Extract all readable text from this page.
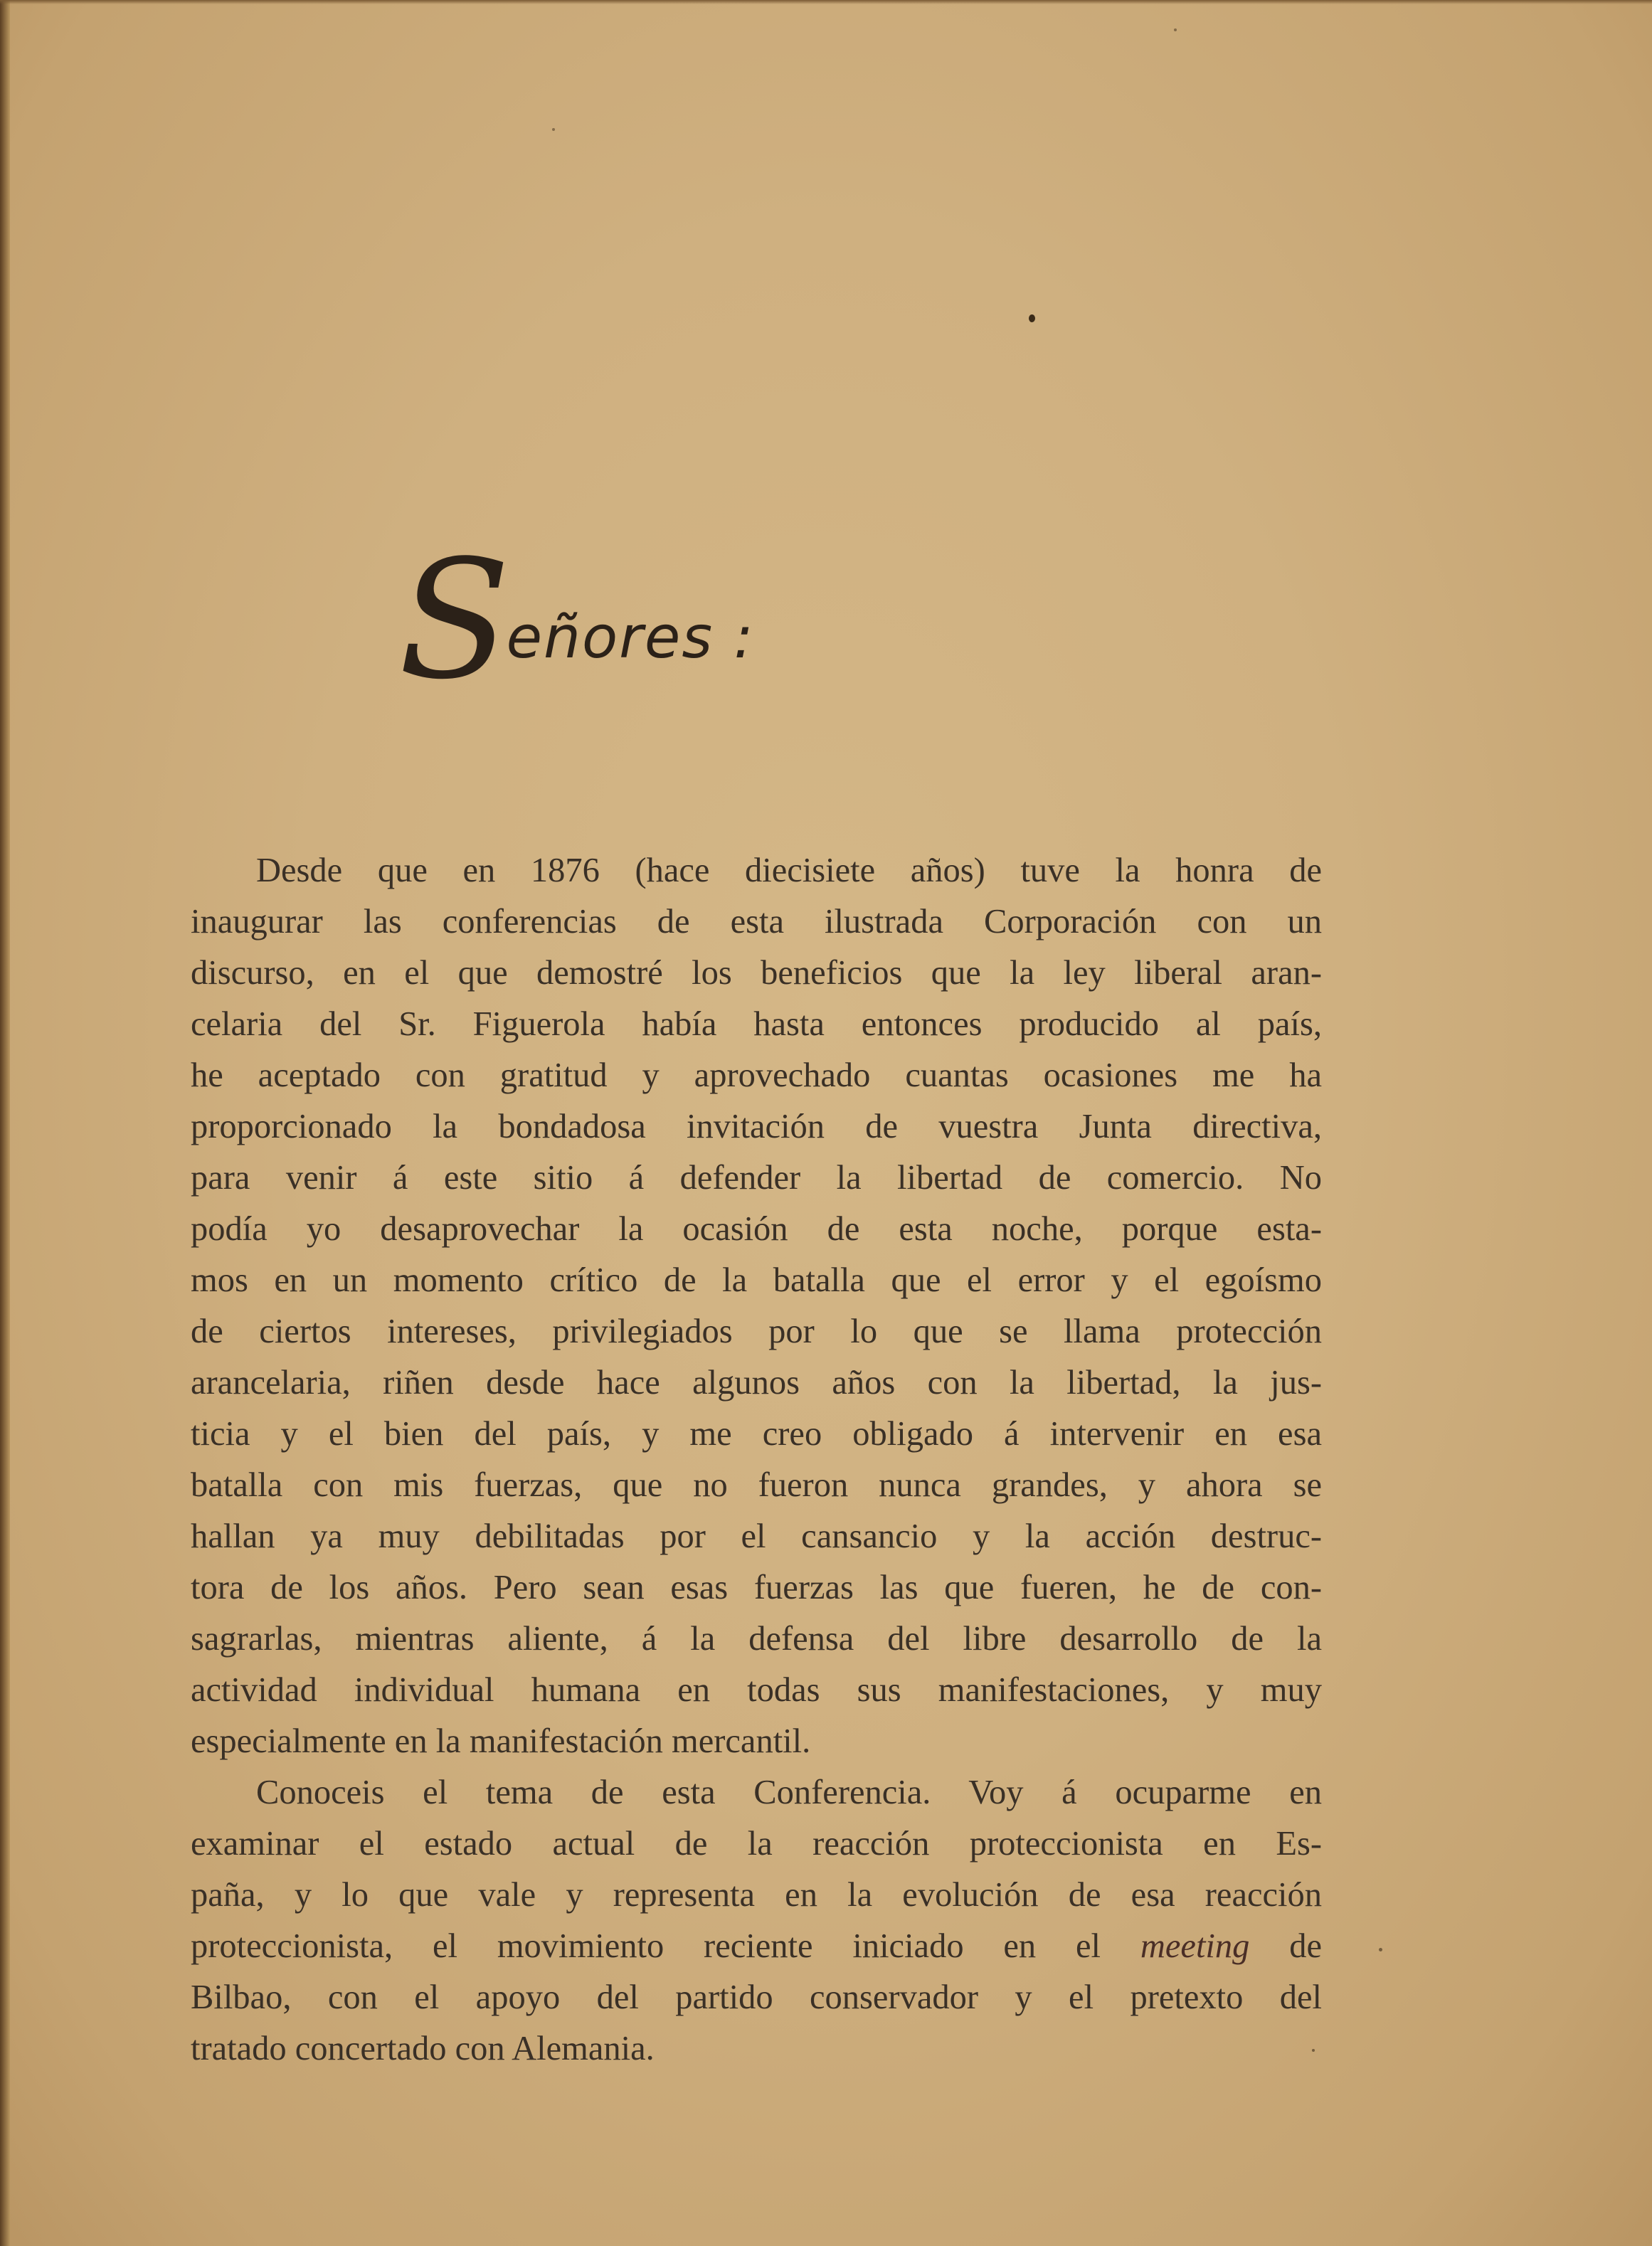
S
eñores :

Desde que en 1876 (hace diecisiete años) tuve la honra de
inaugurar las conferencias de esta ilustrada Corporación con un
discurso, en el que demostré los beneficios que la ley liberal aran-
celaria del Sr. Figuerola había hasta entonces producido al país,
he aceptado con gratitud y aprovechado cuantas ocasiones me ha
proporcionado la bondadosa invitación de vuestra Junta directiva,
para venir á este sitio á defender la libertad de comercio. No
podía yo desaprovechar la ocasión de esta noche, porque esta-
mos en un momento crítico de la batalla que el error y el egoísmo
de ciertos intereses, privilegiados por lo que se llama protección
arancelaria, riñen desde hace algunos años con la libertad, la jus-
ticia y el bien del país, y me creo obligado á intervenir en esa
batalla con mis fuerzas, que no fueron nunca grandes, y ahora se
hallan ya muy debilitadas por el cansancio y la acción destruc-
tora de los años. Pero sean esas fuerzas las que fueren, he de con-
sagrarlas, mientras aliente, á la defensa del libre desarrollo de la
actividad individual humana en todas sus manifestaciones, y muy
especialmente en la manifestación mercantil.

Conoceis el tema de esta Conferencia. Voy á ocuparme en
examinar el estado actual de la reacción proteccionista en Es-
paña, y lo que vale y representa en la evolución de esa reacción
proteccionista, el movimiento reciente iniciado en el meeting de
Bilbao, con el apoyo del partido conservador y el pretexto del
tratado concertado con Alemania.
